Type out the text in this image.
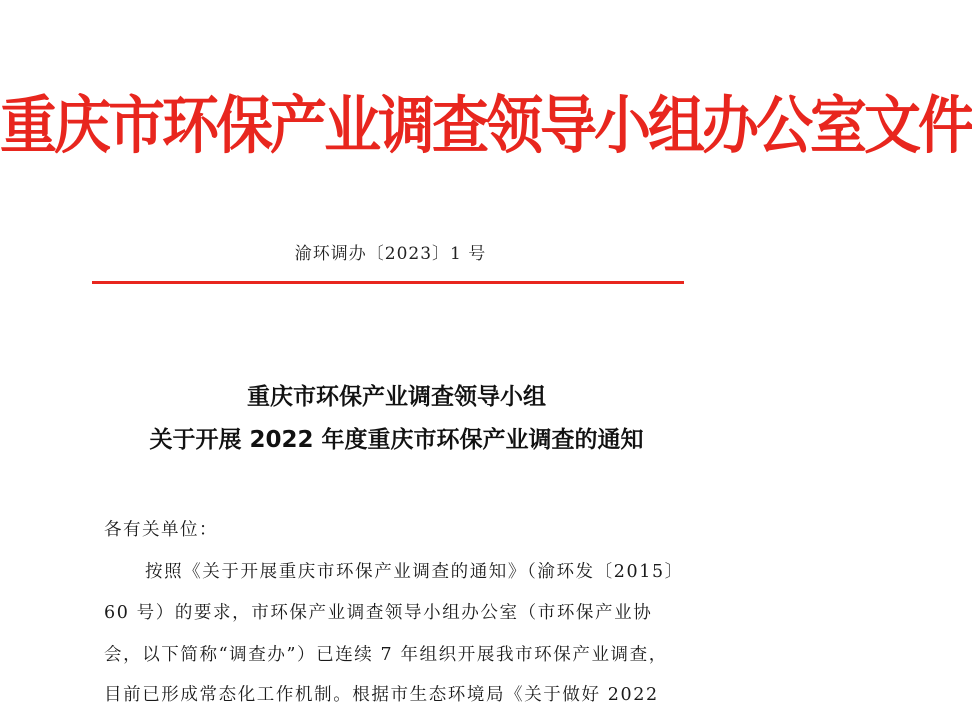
重庆市环保产业调查领导小组办公室文件
渝环调办〔2023〕1 号
重庆市环保产业调查领导小组
关于开展 2022 年度重庆市环保产业调查的通知
各有关单位：
按照《关于开展重庆市环保产业调查的通知》（渝环发〔2015〕
60 号）的要求，市环保产业调查领导小组办公室（市环保产业协
会，以下简称“调查办”）已连续 7 年组织开展我市环保产业调查，
目前已形成常态化工作机制。根据市生态环境局《关于做好 2022
